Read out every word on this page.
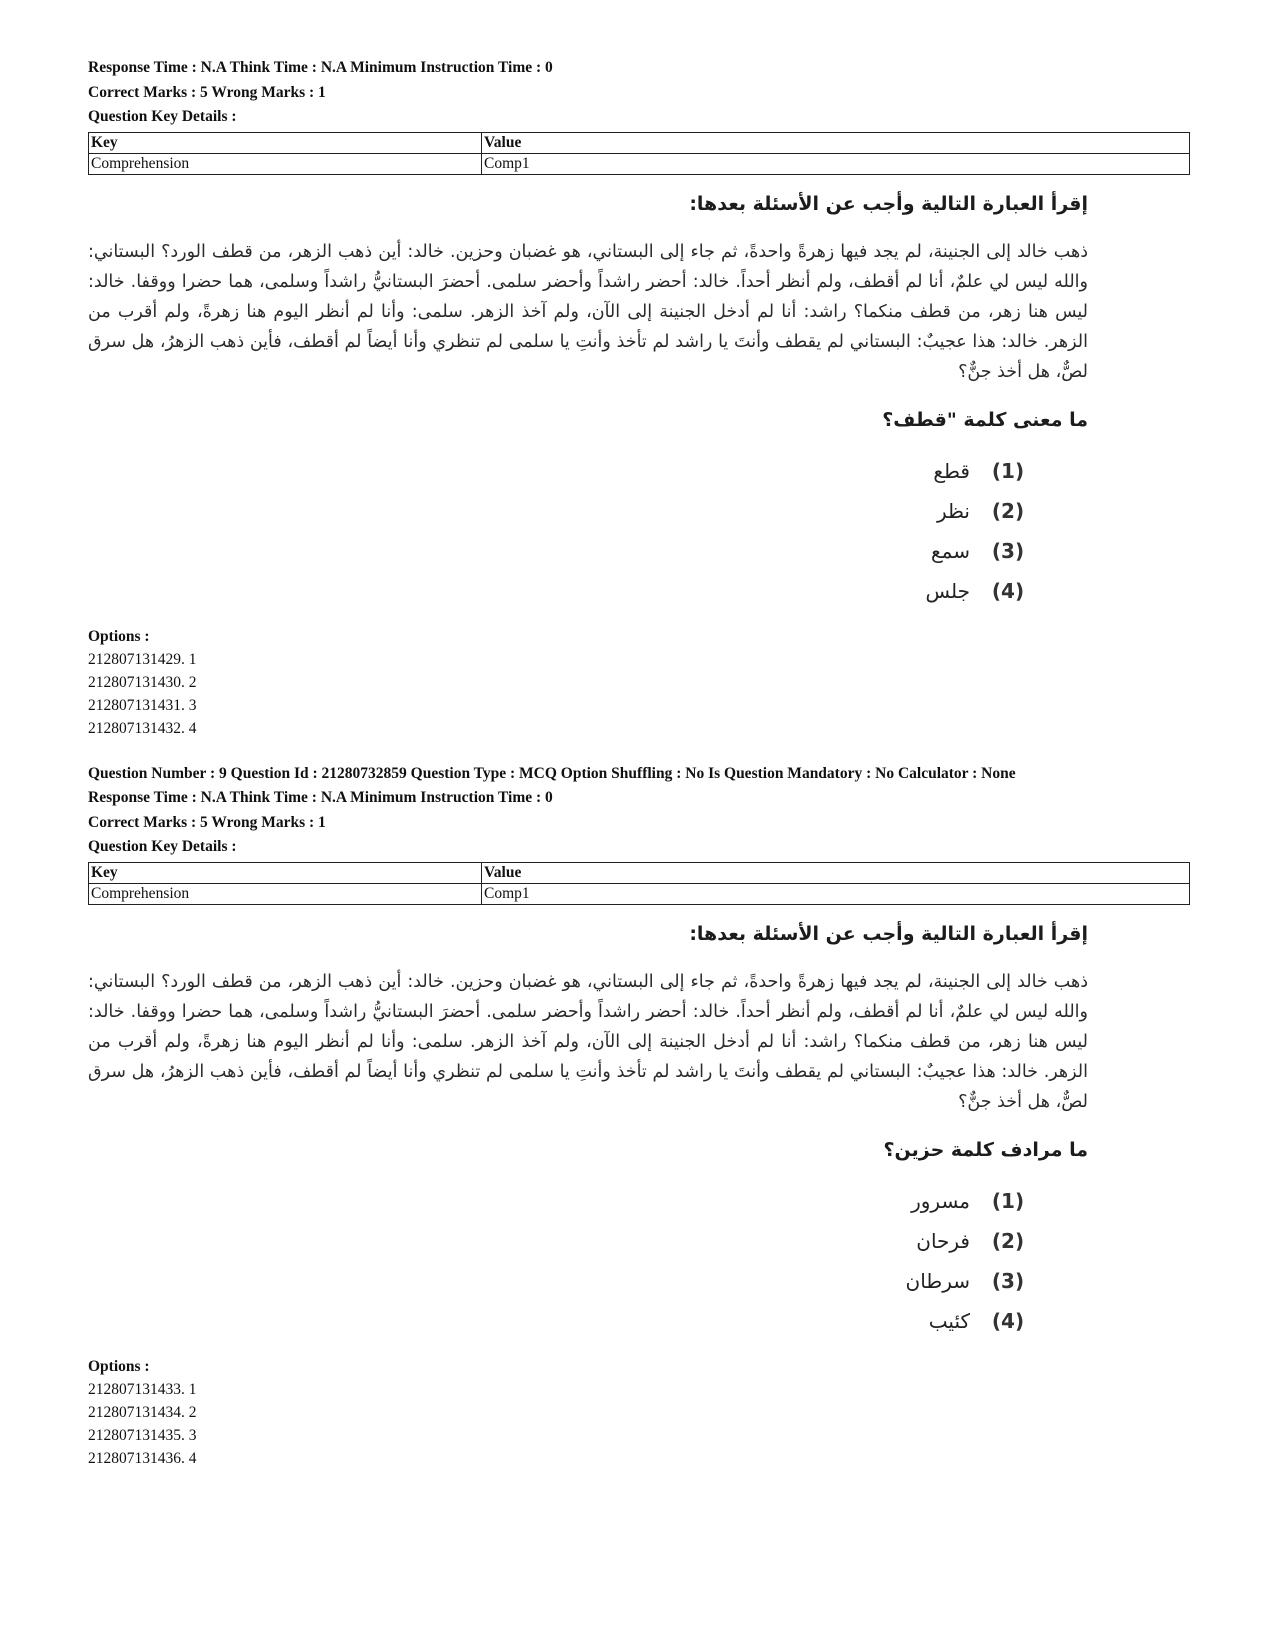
Response Time : N.A Think Time : N.A Minimum Instruction Time : 0
Correct Marks : 5 Wrong Marks : 1
Question Key Details :
Key	Value
Comprehension	Comp1
إقرأ العبارة التالية وأجب عن الأسئلة بعدها:
ذهب خالد إلى الجنينة، لم يجد فيها زهرةً واحدةً، ثم جاء إلى البستاني، هو غضبان وحزين. خالد: أين ذهب الزهر، من قطف الورد؟ البستاني: والله ليس لي علمٌ، أنا لم أقطف، ولم أنظر أحداً. خالد: أحضر راشداً وأحضر سلمى. أحضرَ البستانيُّ راشداً وسلمى، هما حضرا ووقفا. خالد: ليس هنا زهر، من قطف منكما؟ راشد: أنا لم أدخل الجنينة إلى الآن، ولم آخذ الزهر. سلمى: وأنا لم أنظر اليوم هنا زهرةً، ولم أقرب من الزهر. خالد: هذا عجيبٌ: البستاني لم يقطف وأنتَ يا راشد لم تأخذ وأنتِ يا سلمى لم تنظري وأنا أيضاً لم أقطف، فأين ذهب الزهرُ، هل سرق لصٌّ، هل أخذ جنٌّ؟
ما معنى كلمة "قطف؟
(1)
قطع
(2)
نظر
(3)
سمع
(4)
جلس
Options :
212807131429. 1
212807131430. 2
212807131431. 3
212807131432. 4
Question Number : 9 Question Id : 21280732859 Question Type : MCQ Option Shuffling : No Is Question Mandatory : No Calculator : None
Response Time : N.A Think Time : N.A Minimum Instruction Time : 0
Correct Marks : 5 Wrong Marks : 1
Question Key Details :
Key	Value
Comprehension	Comp1
إقرأ العبارة التالية وأجب عن الأسئلة بعدها:
ذهب خالد إلى الجنينة، لم يجد فيها زهرةً واحدةً، ثم جاء إلى البستاني، هو غضبان وحزين. خالد: أين ذهب الزهر، من قطف الورد؟ البستاني: والله ليس لي علمٌ، أنا لم أقطف، ولم أنظر أحداً. خالد: أحضر راشداً وأحضر سلمى. أحضرَ البستانيُّ راشداً وسلمى، هما حضرا ووقفا. خالد: ليس هنا زهر، من قطف منكما؟ راشد: أنا لم أدخل الجنينة إلى الآن، ولم آخذ الزهر. سلمى: وأنا لم أنظر اليوم هنا زهرةً، ولم أقرب من الزهر. خالد: هذا عجيبٌ: البستاني لم يقطف وأنتَ يا راشد لم تأخذ وأنتِ يا سلمى لم تنظري وأنا أيضاً لم أقطف، فأين ذهب الزهرُ، هل سرق لصٌّ، هل أخذ جنٌّ؟
ما مرادف كلمة حزين؟
(1)
مسرور
(2)
فرحان
(3)
سرطان
(4)
كئيب
Options :
212807131433. 1
212807131434. 2
212807131435. 3
212807131436. 4
